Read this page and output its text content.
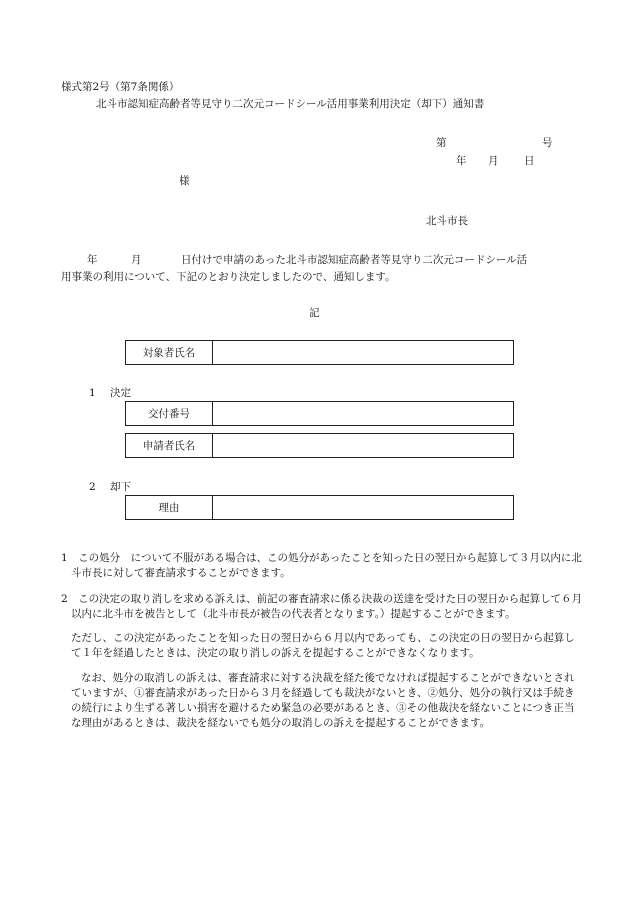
様式第2号（第7条関係）
北斗市認知症高齢者等見守り二次元コードシール活用事業利用決定（却下）通知書
第	号
年 月 日
様
北斗市長
年	月	日付けで申請のあった北斗市認知症高齢者等見守り二次元コードシール活
用事業の利用について、下記のとおり決定しましたので、通知します。
記
対象者氏名	
1 決定
交付番号	

申請者氏名	
2 却下
理由	
1　この処分　について不服がある場合は、この処分があったことを知った日の翌日から起算して３月以内に北斗市長に対して審査請求することができます。
2　この決定の取り消しを求める訴えは、前記の審査請求に係る決裁の送達を受けた日の翌日から起算して６月以内に北斗市を被告として（北斗市長が被告の代表者となります。）提起することができます。
ただし、この決定があったことを知った日の翌日から６月以内であっても、この決定の日の翌日から起算して１年を経過したときは、決定の取り消しの訴えを提起することができなくなります。
なお、処分の取消しの訴えは、審査請求に対する決裁を経た後でなければ提起することができないとされていますが、①審査請求があった日から３月を経過しても裁決がないとき、②処分、処分の執行又は手続きの続行により生ずる著しい損害を避けるため緊急の必要があるとき、③その他裁決を経ないことにつき正当な理由があるときは、裁決を経ないでも処分の取消しの訴えを提起することができます。
